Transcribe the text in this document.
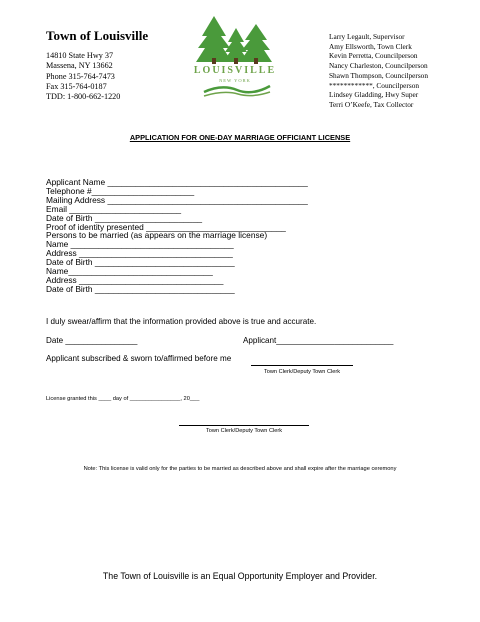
Town of Louisville
14810 State Hwy 37
Massena, NY 13662
Phone 315-764-7473
Fax 315-764-0187
TDD: 1-800-662-1220
LOUISVILLE
NEW YORK
Larry Legault, Supervisor
Amy Ellsworth, Town Clerk
Kevin Perretta, Councilperson
Nancy Charleston, Councilperson
Shawn Thompson, Councilperson
************, Councilperson
Lindsey Gladding, Hwy Super
Terri O’Keefe, Tax Collector
APPLICATION FOR ONE-DAY MARRIAGE OFFICIANT LICENSE
Applicant Name ___________________________________________
Telephone #______________________
Mailing Address ___________________________________________
Email ________________________
Date of Birth _______________________
Proof of identity presented ______________________________
Persons to be married (as appears on the marriage license)
Name ___________________________________
Address _________________________________
Date of Birth ______________________________
Name_______________________________
Address _______________________________
Date of Birth ______________________________
I duly swear/affirm that the information provided above is true and accurate.
Date ________________	Applicant__________________________
Applicant subscribed & sworn to/affirmed before me
Town Clerk/Deputy Town Clerk
License granted this ____ day of ________________, 20___
Town Clerk/Deputy Town Clerk
Note: This license is valid only for the parties to be married as described above and shall expire after the marriage ceremony
The Town of Louisville is an Equal Opportunity Employer and Provider.
